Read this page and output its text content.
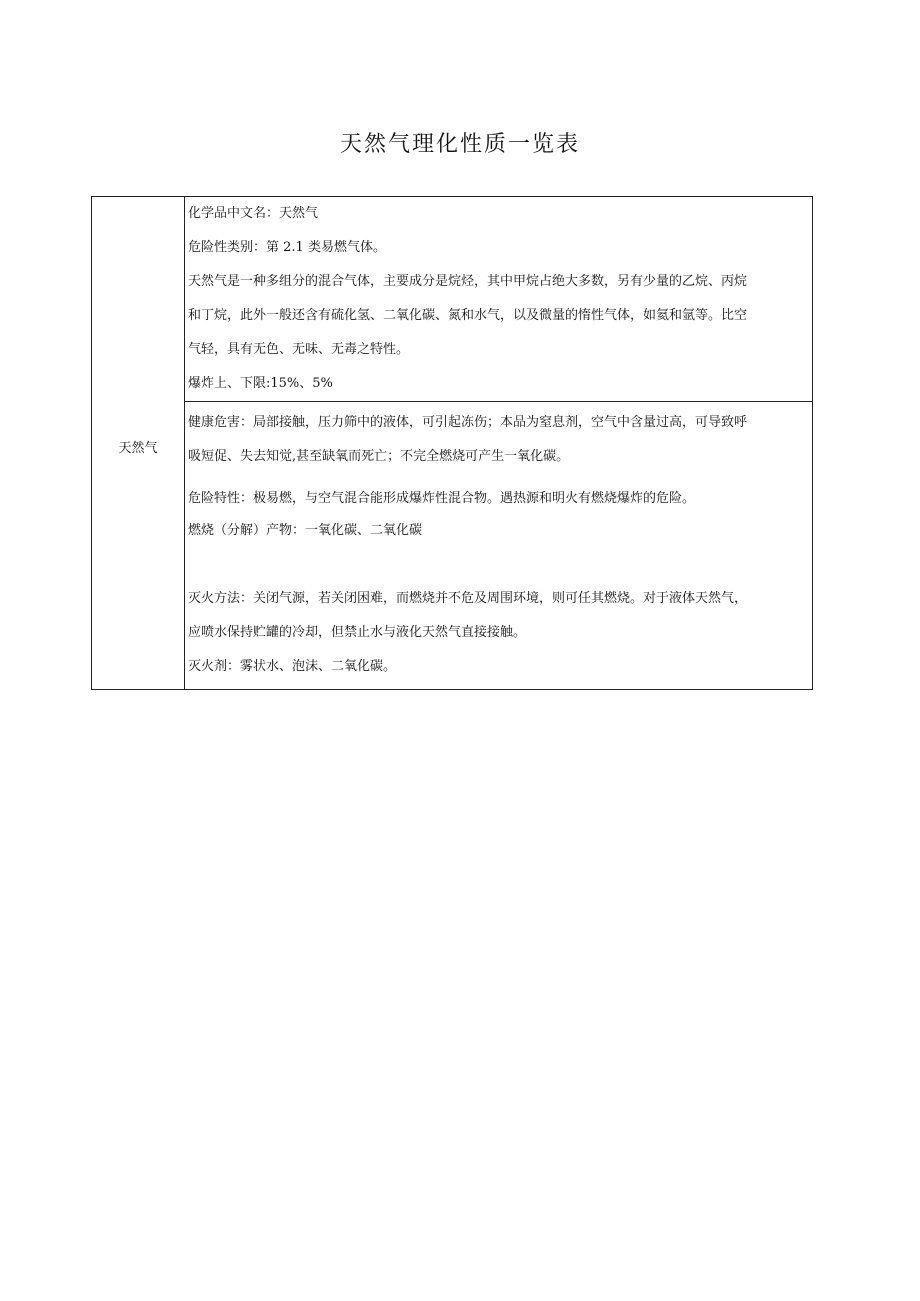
天然气理化性质一览表
天然气	
化学品中文名：天然气
危险性类别：第 2.1 类易燃气体。
天然气是一种多组分的混合气体，主要成分是烷烃，其中甲烷占绝大多数，另有少量的乙烷、丙烷
和丁烷，此外一般还含有硫化氢、二氧化碳、氮和水气，以及微量的惰性气体，如氦和氩等。比空
气轻，具有无色、无味、无毒之特性。
爆炸上、下限:15%、5%

健康危害：局部接触，压力筛中的液体，可引起冻伤；本品为窒息剂，空气中含量过高，可导致呼
吸短促、失去知觉,甚至缺氧而死亡；不完全燃烧可产生一氧化碳。
危险特性：极易燃，与空气混合能形成爆炸性混合物。遇热源和明火有燃烧爆炸的危险。
燃烧（分解）产物：一氧化碳、二氧化碳
灭火方法：关闭气源，若关闭困难，而燃烧并不危及周围环境，则可任其燃烧。对于液体天然气，
应喷水保持贮罐的冷却，但禁止水与液化天然气直接接触。
灭火剂：雾状水、泡沫、二氧化碳。
